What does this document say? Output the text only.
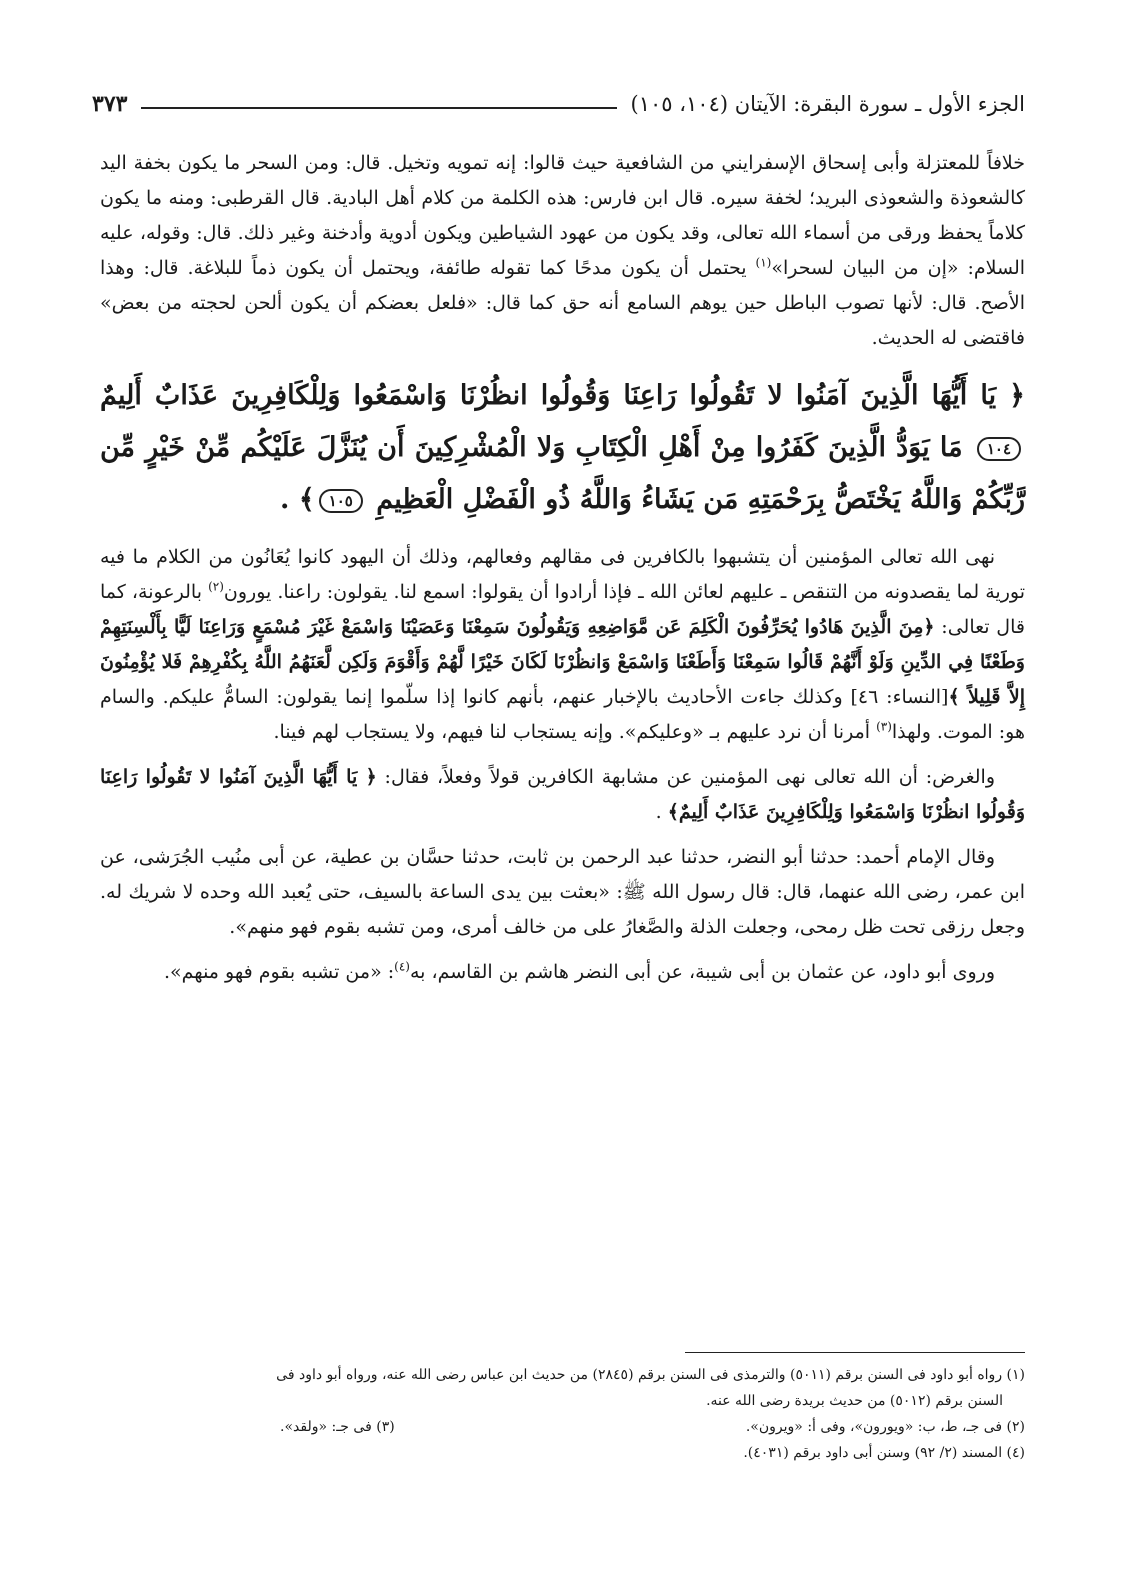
الجزء الأول ـ سورة البقرة: الآيتان (١٠٤، ١٠٥)
٣٧٣

خلافاً للمعتزلة وأبى إسحاق الإسفرايني من الشافعية حيث قالوا: إنه تمويه وتخيل. قال: ومن السحر ما يكون بخفة اليد كالشعوذة والشعوذى البريد؛ لخفة سيره. قال ابن فارس: هذه الكلمة من كلام أهل البادية. قال القرطبى: ومنه ما يكون كلاماً يحفظ ورقى من أسماء الله تعالى، وقد يكون من عهود الشياطين ويكون أدوية وأدخنة وغير ذلك. قال: وقوله، عليه السلام: «إن من البيان لسحرا»$^{(١)}$ يحتمل أن يكون مدحًا كما تقوله طائفة، ويحتمل أن يكون ذماً للبلاغة. قال: وهذا الأصح. قال: لأنها تصوب الباطل حين يوهم السامع أنه حق كما قال: «فلعل بعضكم أن يكون ألحن لحجته من بعض» فاقتضى له الحديث.

﴿ يَا أَيُّهَا الَّذِينَ آمَنُوا لا تَقُولُوا رَاعِنَا وَقُولُوا انظُرْنَا وَاسْمَعُوا وَلِلْكَافِرِينَ عَذَابٌ أَلِيمٌ ١٠٤ مَا يَوَدُّ الَّذِينَ كَفَرُوا مِنْ أَهْلِ الْكِتَابِ وَلا الْمُشْرِكِينَ أَن يُنَزَّلَ عَلَيْكُم مِّنْ خَيْرٍ مِّن رَّبِّكُمْ وَاللَّهُ يَخْتَصُّ بِرَحْمَتِهِ مَن يَشَاءُ وَاللَّهُ ذُو الْفَضْلِ الْعَظِيمِ ١٠٥﴾ .

نهى الله تعالى المؤمنين أن يتشبهوا بالكافرين فى مقالهم وفعالهم، وذلك أن اليهود كانوا يُعَانُون من الكلام ما فيه تورية لما يقصدونه من التنقص ـ عليهم لعائن الله ـ فإذا أرادوا أن يقولوا: اسمع لنا. يقولون: راعنا. يورون$^{(٢)}$ بالرعونة، كما قال تعالى: ﴿مِنَ الَّذِينَ هَادُوا يُحَرِّفُونَ الْكَلِمَ عَن مَّوَاضِعِهِ وَيَقُولُونَ سَمِعْنَا وَعَصَيْنَا وَاسْمَعْ غَيْرَ مُسْمَعٍ وَرَاعِنَا لَيًّا بِأَلْسِنَتِهِمْ وَطَعْنًا فِي الدِّينِ وَلَوْ أَنَّهُمْ قَالُوا سَمِعْنَا وَأَطَعْنَا وَاسْمَعْ وَانظُرْنَا لَكَانَ خَيْرًا لَّهُمْ وَأَقْوَمَ وَلَكِن لَّعَنَهُمُ اللَّهُ بِكُفْرِهِمْ فَلا يُؤْمِنُونَ إِلاَّ قَلِيلاً ﴾[النساء: ٤٦] وكذلك جاءت الأحاديث بالإخبار عنهم، بأنهم كانوا إذا سلّموا إنما يقولون: السامُّ عليكم. والسام هو: الموت. ولهذا$^{(٣)}$ أمرنا أن نرد عليهم بـ «وعليكم». وإنه يستجاب لنا فيهم، ولا يستجاب لهم فينا.

والغرض: أن الله تعالى نهى المؤمنين عن مشابهة الكافرين قولاً وفعلاً، فقال: ﴿ يَا أَيُّهَا الَّذِينَ آمَنُوا لا تَقُولُوا رَاعِنَا وَقُولُوا انظُرْنَا وَاسْمَعُوا وَلِلْكَافِرِينَ عَذَابٌ أَلِيمٌ﴾ .

وقال الإمام أحمد: حدثنا أبو النضر، حدثنا عبد الرحمن بن ثابت، حدثنا حسَّان بن عطية، عن أبى منُيب الجُرَشى، عن ابن عمر، رضى الله عنهما، قال: قال رسول الله ﷺ: «بعثت بين يدى الساعة بالسيف، حتى يُعبد الله وحده لا شريك له. وجعل رزقى تحت ظل رمحى، وجعلت الذلة والصَّغارُ على من خالف أمرى، ومن تشبه بقوم فهو منهم».

وروى أبو داود، عن عثمان بن أبى شيبة، عن أبى النضر هاشم بن القاسم، به$^{(٤)}$: «من تشبه بقوم فهو منهم».

(١) رواه أبو داود فى السنن برقم (٥٠١١) والترمذى فى السنن برقم (٢٨٤٥) من حديث ابن عباس رضى الله عنه، ورواه أبو داود فى

السنن برقم (٥٠١٢) من حديث بريدة رضى الله عنه.

(٢) فى جـ، ط، ب: «ويورون»، وفى أ: «ويرون».
(٣) فى جـ: «ولقد».

(٤) المسند (٢/ ٩٢) وسنن أبى داود برقم (٤٠٣١).
